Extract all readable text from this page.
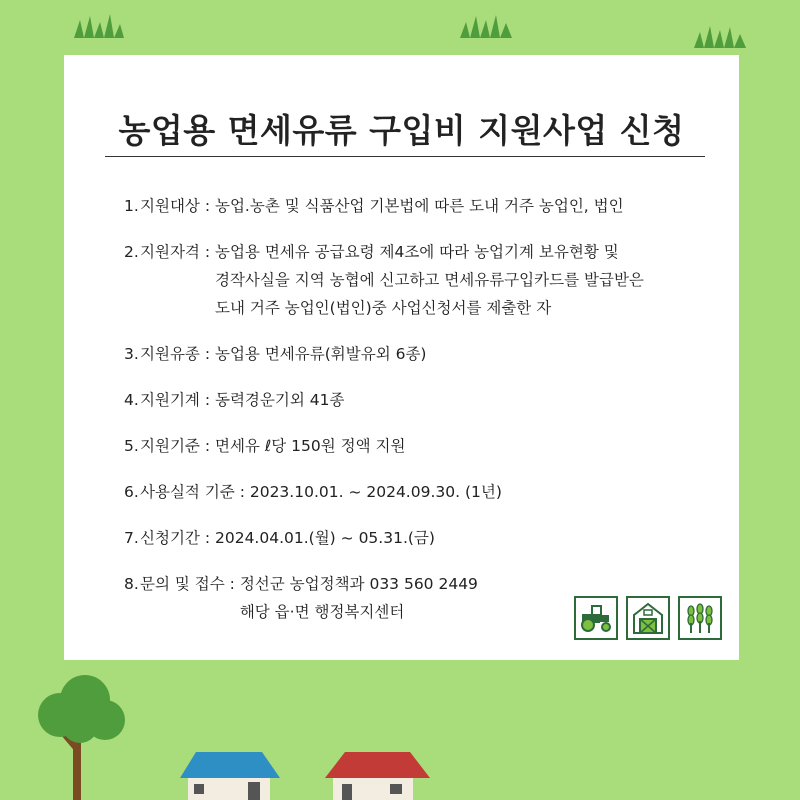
농업용 면세유류 구입비 지원사업 신청
1. 지원대상 : 농업.농촌 및 식품산업 기본법에 따른 도내 거주 농업인, 법인
2. 지원자격 : 농업용 면세유 공급요령 제4조에 따라 농업기계 보유현황 및
경작사실을 지역 농협에 신고하고 면세유류구입카드를 발급받은
도내 거주 농업인(법인)중 사업신청서를 제출한 자
3. 지원유종 : 농업용 면세유류(휘발유외 6종)
4. 지원기계 : 동력경운기외 41종
5. 지원기준 : 면세유 ℓ당 150원 정액 지원
6. 사용실적 기준 : 2023.10.01. ~ 2024.09.30. (1년)
7. 신청기간 : 2024.04.01.(월) ~ 05.31.(금)
8. 문의 및 접수 : 정선군 농업정책과 033 560 2449
해당 읍·면 행정복지센터
